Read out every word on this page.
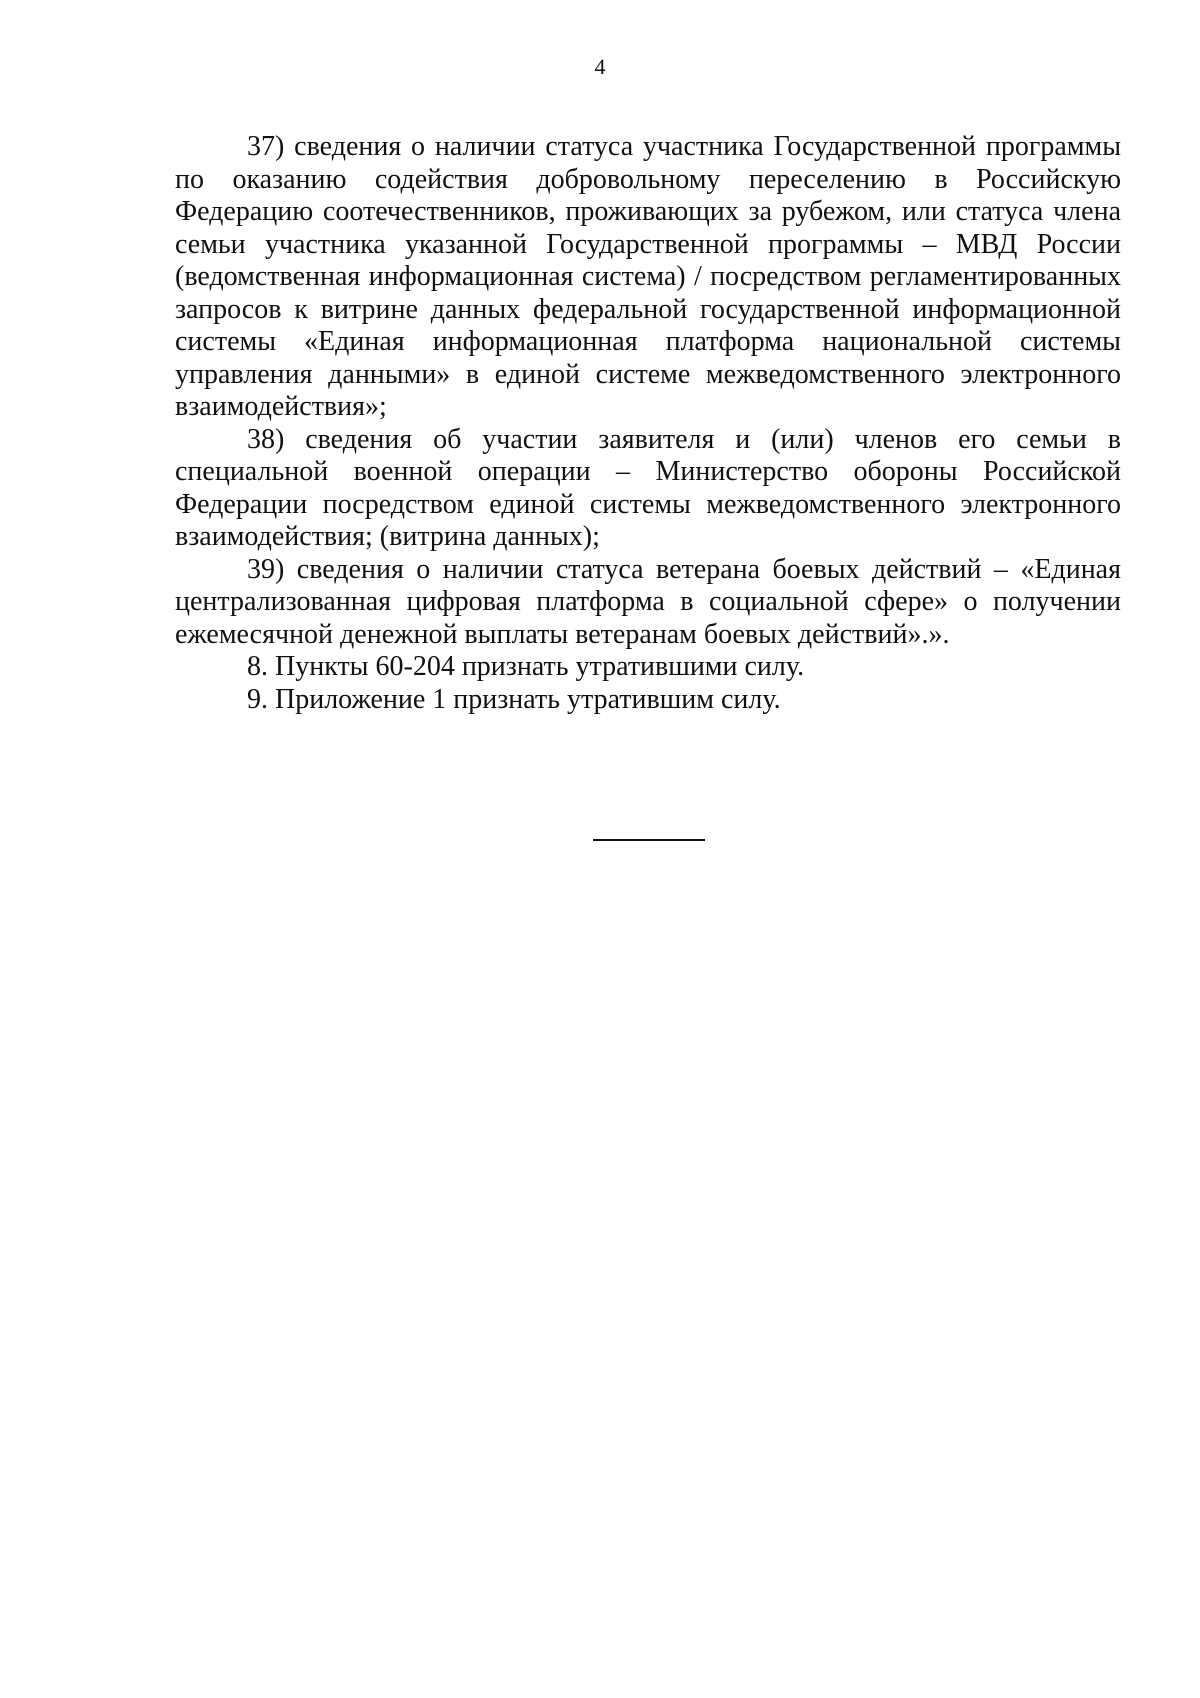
4

37) сведения о наличии статуса участника Государственной программы по оказанию содействия добровольному переселению в Российскую Федерацию соотечественников, проживающих за рубежом, или статуса члена семьи участника указанной Государственной программы – МВД России (ведомственная информационная система) / посредством регламентированных запросов к витрине данных федеральной государственной информационной системы «Единая информационная платформа национальной системы управления данными» в единой системе межведомственного электронного взаимодействия»;

38) сведения об участии заявителя и (или) членов его семьи в специальной военной операции – Министерство обороны Российской Федерации посредством единой системы межведомственного электронного взаимодействия; (витрина данных);

39) сведения о наличии статуса ветерана боевых действий – «Единая централизованная цифровая платформа в социальной сфере» о получении ежемесячной денежной выплаты ветеранам боевых действий».».

8. Пункты 60-204 признать утратившими силу.

9. Приложение 1 признать утратившим силу.
